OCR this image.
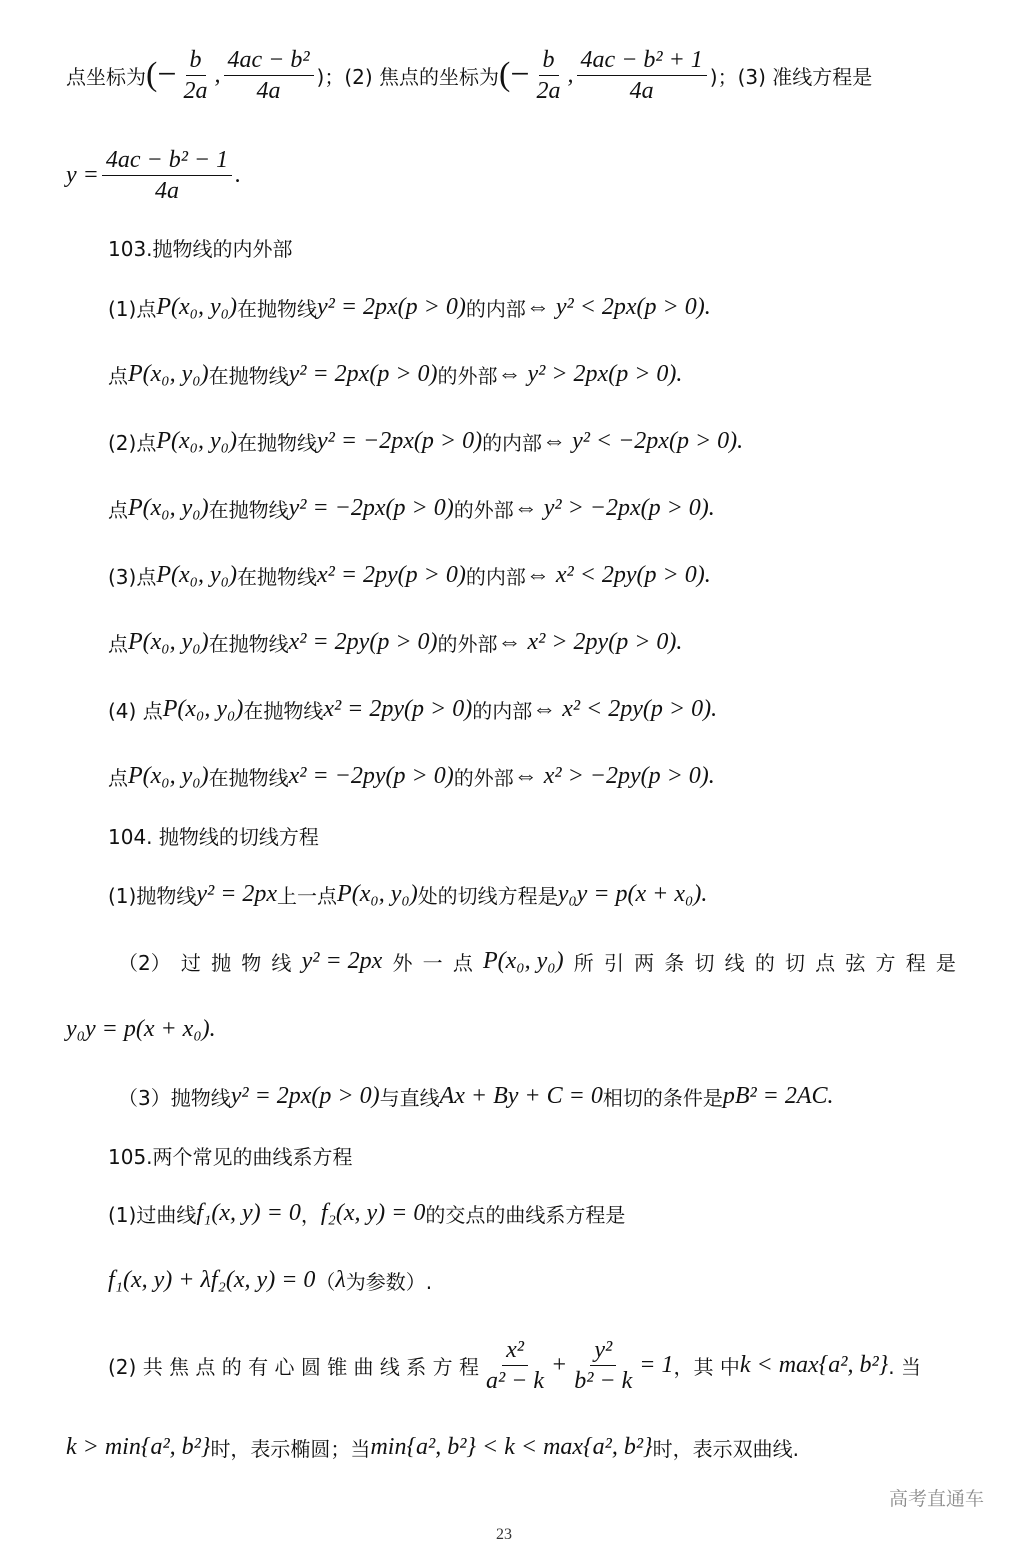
点坐标为 (− $\frac{b}{2a}$ , $\frac{\text{4ac − b²}}{4a}$ )；(2) 焦点的坐标为 (− $\frac{b}{2a}$ , $\frac{\text{4ac − b² + 1}}{4a}$ )；(3) 准线方程是
$y = \frac{\text{4ac − b² − 1}}{4a}$ .
103.抛物线的内外部
(1)点 P(x₀, y₀) 在抛物线 y² = 2px(p > 0) 的内部 ⇔ y² < 2px(p > 0) .
点 P(x₀, y₀) 在抛物线 y² = 2px(p > 0) 的外部 ⇔ y² > 2px(p > 0) .
(2)点 P(x₀, y₀) 在抛物线 y² = −2px(p > 0) 的内部 ⇔ y² < −2px(p > 0) .
点 P(x₀, y₀) 在抛物线 y² = −2px(p > 0) 的外部 ⇔ y² > −2px(p > 0) .
(3)点 P(x₀, y₀) 在抛物线 x² = 2py(p > 0) 的内部 ⇔ x² < 2py(p > 0) .
点 P(x₀, y₀) 在抛物线 x² = 2py(p > 0) 的外部 ⇔ x² > 2py(p > 0) .
(4) 点 P(x₀, y₀) 在抛物线 x² = 2py(p > 0) 的内部 ⇔ x² < 2py(p > 0) .
点 P(x₀, y₀) 在抛物线 x² = −2py(p > 0) 的外部 ⇔ x² > −2py(p > 0) .
104. 抛物线的切线方程
(1)抛物线 y² = 2px 上一点 P(x₀, y₀) 处的切线方程是 y₀y = p(x + x₀) .
（2） 过 抛 物 线 y² = 2px 外 一 点 P(x₀, y₀) 所 引 两 条 切 线 的 切 点 弦 方 程 是
y₀y = p(x + x₀) .
（3）抛物线 y² = 2px(p > 0) 与直线 Ax + By + C = 0 相切的条件是 pB² = 2AC .
105.两个常见的曲线系方程
(1)过曲线 f₁(x, y) = 0 ， f₂(x, y) = 0 的交点的曲线系方程是
f₁(x, y) + λf₂(x, y) = 0 （ λ 为参数）.
(2) 共 焦 点 的 有 心 圆 锥 曲 线 系 方 程 $\frac{\text{x²}}{\text{a² − k}} + \frac{\text{y²}}{\text{b² − k}} = 1$ ，其 中 k < max{a², b²} . 当
k > min{a², b²} 时，表示椭圆；当 min{a², b²} < k < max{a², b²} 时，表示双曲线.
高考直通车
23
